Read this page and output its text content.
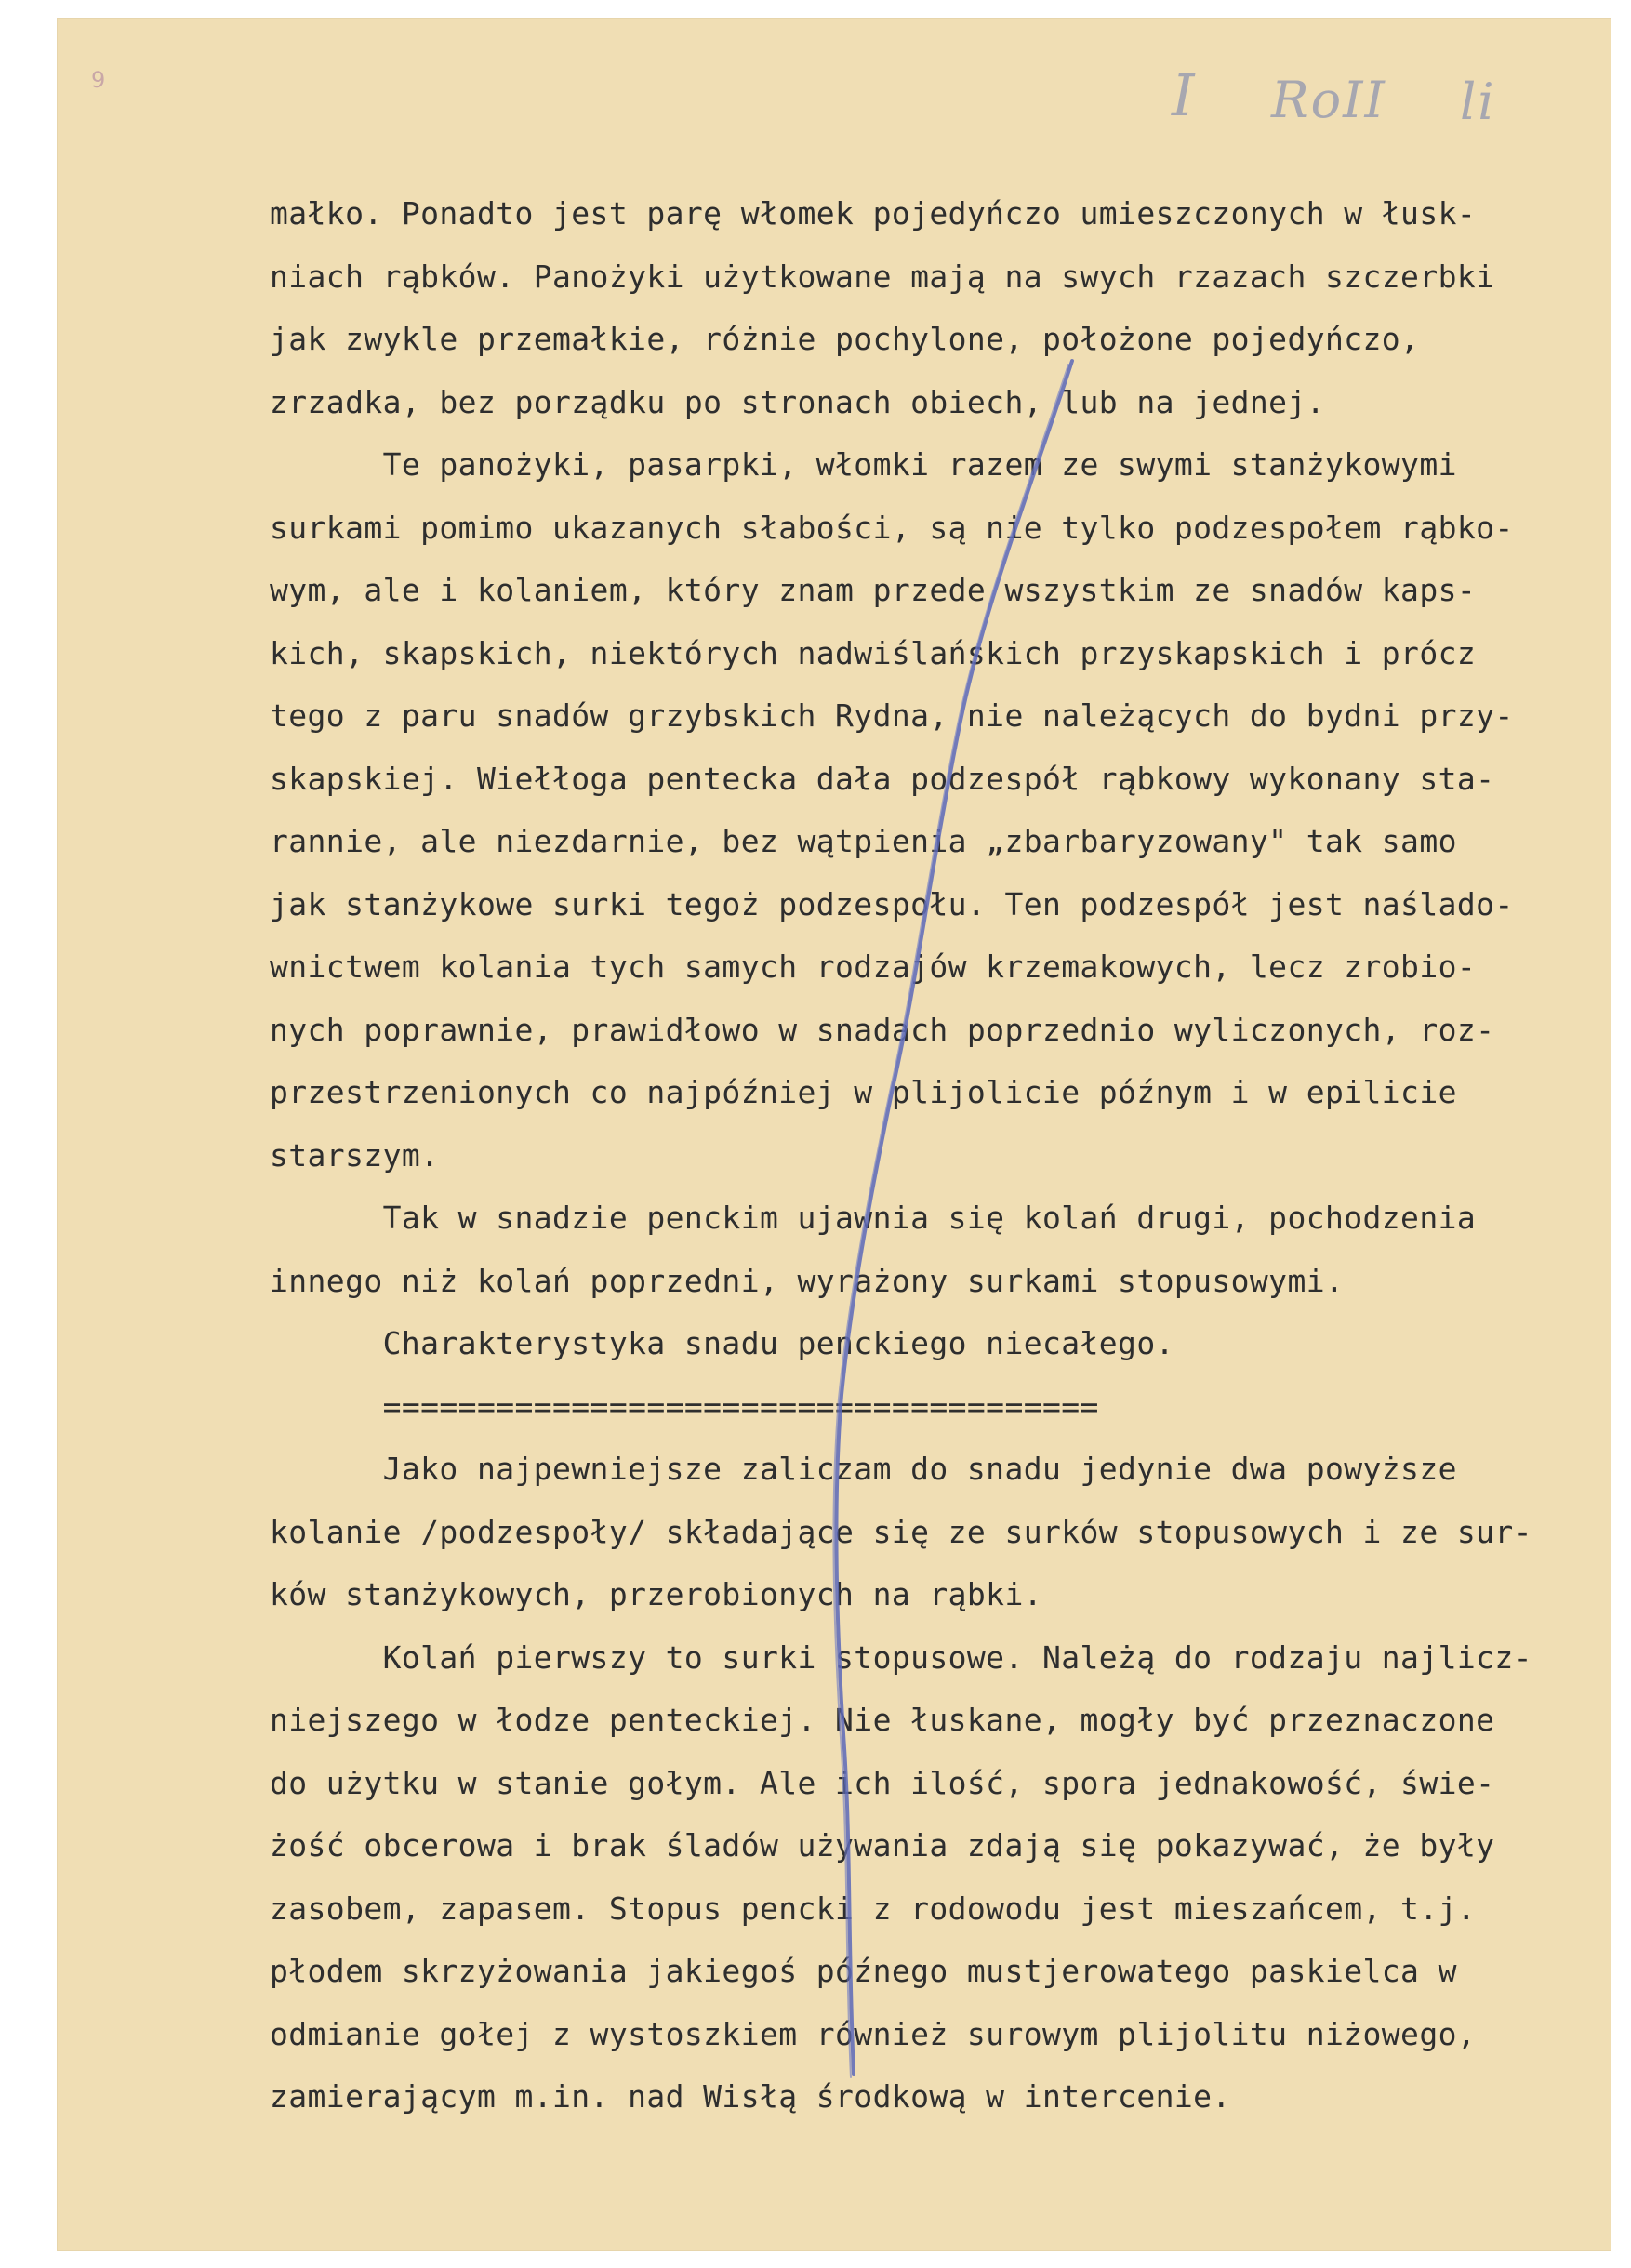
9	I RoII li
małko. Ponadto jest parę włomek pojedyńczo umieszczonych w łusk-
niach rąbków. Panożyki użytkowane mają na swych rzazach szczerbki
jak zwykle przemałkie, różnie pochylone, położone pojedyńczo,
zrzadka, bez porządku po stronach obiech, lub na jednej.
Te panożyki, pasarpki, włomki razem ze swymi stanżykowymi
surkami pomimo ukazanych słabości, są nie tylko podzespołem rąbko-
wym, ale i kolaniem, który znam przede wszystkim ze snadów kaps-
kich, skapskich, niektórych nadwiślańskich przyskapskich i prócz
tego z paru snadów grzybskich Rydna, nie należących do bydni przy-
skapskiej. Wiełłoga pentecka dała podzespół rąbkowy wykonany sta-
rannie, ale niezdarnie, bez wątpienia „zbarbaryzowany" tak samo
jak stanżykowe surki tegoż podzespołu. Ten podzespół jest naślado-
wnictwem kolania tych samych rodzajów krzemakowych, lecz zrobio-
nych poprawnie, prawidłowo w snadach poprzednio wyliczonych, roz-
przestrzenionych co najpóźniej w plijolicie późnym i w epilicie
starszym.
Tak w snadzie penckim ujawnia się kolań drugi, pochodzenia
innego niż kolań poprzedni, wyrażony surkami stopusowymi.
Charakterystyka snadu penckiego niecałego.
======================================
Jako najpewniejsze zaliczam do snadu jedynie dwa powyższe
kolanie /podzespoły/ składające się ze surków stopusowych i ze sur-
ków stanżykowych, przerobionych na rąbki.
Kolań pierwszy to surki stopusowe. Należą do rodzaju najlicz-
niejszego w łodze penteckiej. Nie łuskane, mogły być przeznaczone
do użytku w stanie gołym. Ale ich ilość, spora jednakowość, świe-
żość obcerowa i brak śladów używania zdają się pokazywać, że były
zasobem, zapasem. Stopus pencki z rodowodu jest mieszańcem, t.j.
płodem skrzyżowania jakiegoś późnego mustjerowatego paskielca w
odmianie gołej z wystoszkiem również surowym plijolitu niżowego,
zamierającym m.in. nad Wisłą środkową w intercenie.
